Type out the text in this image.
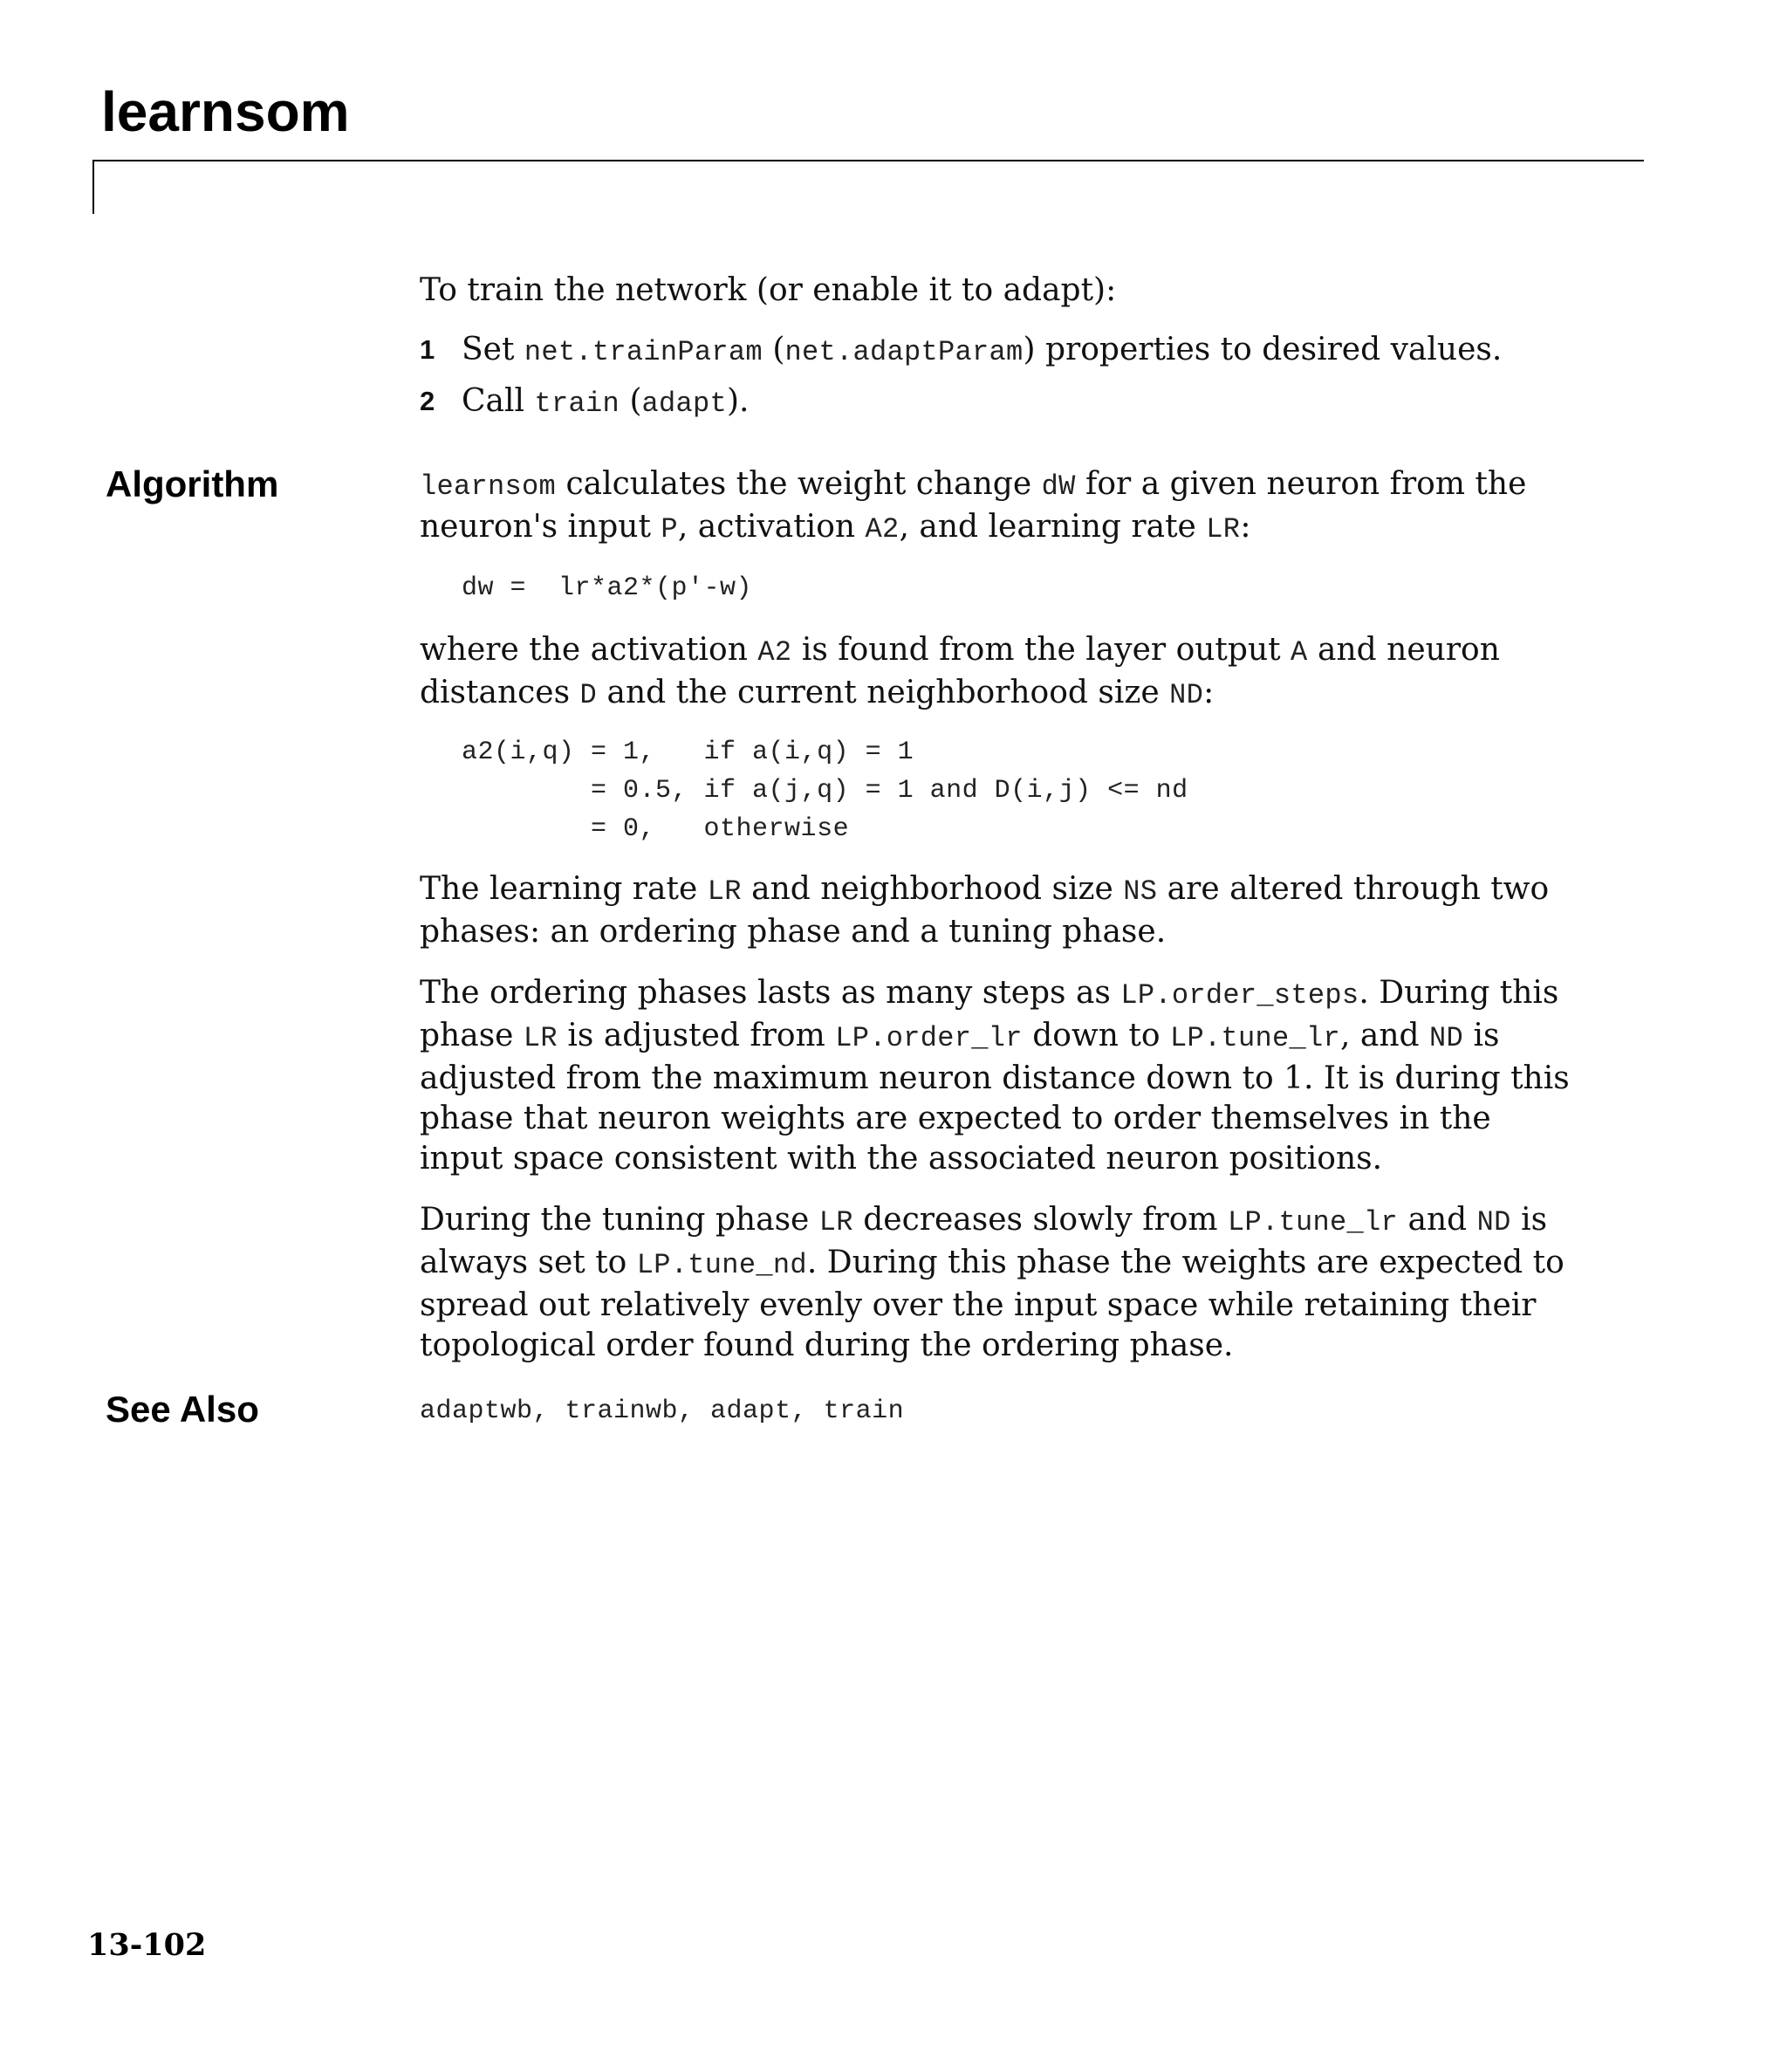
learnsom

To train the network (or enable it to adapt):

1 Set net.trainParam (net.adaptParam) properties to desired values.
2 Call train (adapt).
Algorithm	learnsom calculates the weight change dW for a given neuron from the neuron's input P, activation A2, and learning rate LR:

dw =  lr*a2*(p'-w)

where the activation A2 is found from the layer output A and neuron distances D and the current neighborhood size ND:

a2(i,q) = 1,   if a(i,q) = 1
= 0.5, if a(j,q) = 1 and D(i,j) <= nd
= 0,   otherwise

The learning rate LR and neighborhood size NS are altered through two phases: an ordering phase and a tuning phase.

The ordering phases lasts as many steps as LP.order_steps. During this phase LR is adjusted from LP.order_lr down to LP.tune_lr, and ND is adjusted from the maximum neuron distance down to 1. It is during this phase that neuron weights are expected to order themselves in the input space consistent with the associated neuron positions.

During the tuning phase LR decreases slowly from LP.tune_lr and ND is always set to LP.tune_nd. During this phase the weights are expected to spread out relatively evenly over the input space while retaining their topological order found during the ordering phase.

See Also	adaptwb, trainwb, adapt, train

13-102
